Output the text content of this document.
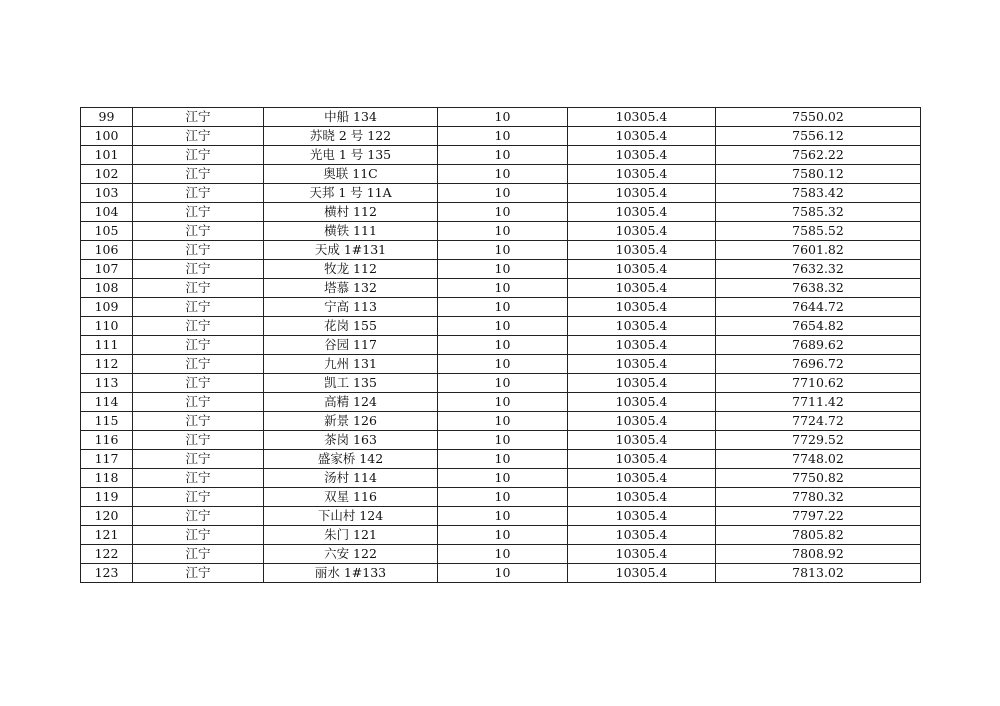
99	江宁	中船 134	10	10305.4	7550.02
100	江宁	苏晓 2 号 122	10	10305.4	7556.12
101	江宁	光电 1 号 135	10	10305.4	7562.22
102	江宁	奥联 11C	10	10305.4	7580.12
103	江宁	天邦 1 号 11A	10	10305.4	7583.42
104	江宁	横村 112	10	10305.4	7585.32
105	江宁	横铁 111	10	10305.4	7585.52
106	江宁	天成 1#131	10	10305.4	7601.82
107	江宁	牧龙 112	10	10305.4	7632.32
108	江宁	塔慕 132	10	10305.4	7638.32
109	江宁	宁高 113	10	10305.4	7644.72
110	江宁	花岗 155	10	10305.4	7654.82
111	江宁	谷园 117	10	10305.4	7689.62
112	江宁	九州 131	10	10305.4	7696.72
113	江宁	凯工 135	10	10305.4	7710.62
114	江宁	高精 124	10	10305.4	7711.42
115	江宁	新景 126	10	10305.4	7724.72
116	江宁	茶岗 163	10	10305.4	7729.52
117	江宁	盛家桥 142	10	10305.4	7748.02
118	江宁	汤村 114	10	10305.4	7750.82
119	江宁	双星 116	10	10305.4	7780.32
120	江宁	下山村 124	10	10305.4	7797.22
121	江宁	朱门 121	10	10305.4	7805.82
122	江宁	六安 122	10	10305.4	7808.92
123	江宁	丽水 1#133	10	10305.4	7813.02
